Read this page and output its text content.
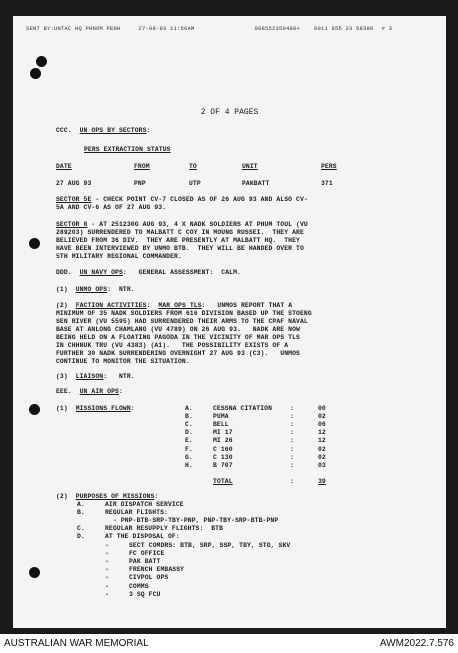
SENT BY:UNTAC HQ PHNOM PENH	27-08-93 11:56AM	008552350488+	0011 855 23 58390 # 3
2 OF 4 PAGES
CCC. UN OPS BY SECTORS:
PERS EXTRACTION STATUS
DATE	FROM	TO	UNIT	PERS
27 AUG 93	PNP	UTP	PAKBATT	371
SECTOR 5E - CHECK POINT CV-7 CLOSED AS OF 26 AUG 93 AND ALSO CV-
5A AND CV-6 AS OF 27 AUG 93.
SECTOR 8 - AT 251230G AUG 93, 4 X NADK SOLDIERS AT PHUM TOUL (VU
289203) SURRENDERED TO MALBATT C COY IN MOUNG RUSSEI.  THEY ARE
BELIEVED FROM 36 DIV.  THEY ARE PRESENTLY AT MALBATT HQ.  THEY
HAVE BEEN INTERVIEWED BY UNMO BTB.  THEY WILL BE HANDED OVER TO
5TH MILITARY REGIONAL COMMANDER.
DDD. UN NAVY OPS:   GENERAL ASSESSMENT:  CALM.
(1) UNMO OPS:  NTR.
(2) FACTION ACTIVITIES:  MAR OPS TLS:   UNMOS REPORT THAT A
MINIMUM OF 35 NADK SOLDIERS FROM 616 DIVISION BASED UP THE STOENG
SEN RIVER (VU 5595) HAD SURRENDERED THEIR ARMS TO THE CPAF NAVAL
BASE AT ANLONG CHAMLANG (VU 4789) ON 26 AUG 93.   NADK ARE NOW
BEING HELD ON A FLOATING PAGODA IN THE VICINITY OF MAR OPS TLS
IN CHHNUK TRU (VU 4383) (A1).   THE POSSIBILITY EXISTS OF A
FURTHER 30 NADK SURRENDERING OVERNIGHT 27 AUG 93 (C3).   UNMOS
CONTINUE TO MONITOR THE SITUATION.
(3) LIAISON:   NTR.
EEE. UN AIR OPS:
(1) MISSIONS FLOWN:	A.	CESSNA CITATION	:	00
B.	PUMA	:	02
C.	BELL	:	06
D.	MI 17	:	12
E.	MI 26	:	12
F.	C 160	:	02
G.	C 130	:	02
H.	B 707	:	03
TOTAL	:	39
(2) PURPOSES OF MISSIONS:
A.	AIR DISPATCH SERVICE
B.	REGULAR FLIGHTS:
- PNP-BTB-SRP-TBY-PNP, PNP-TBY-SRP-BTB-PNP
C.	REGULAR RESUPPLY FLIGHTS:  BTB
D.	AT THE DISPOSAL OF:
-	SECT COMDRS: BTB, SRP, SSP, TBY, STG, SKV
-	FC OFFICE
-	PAK BATT
-	FRENCH EMBASSY
-	CIVPOL OPS
-	COMMS
-	3 SQ FCU
AUSTRALIAN WAR MEMORIAL	AWM2022.7.576
